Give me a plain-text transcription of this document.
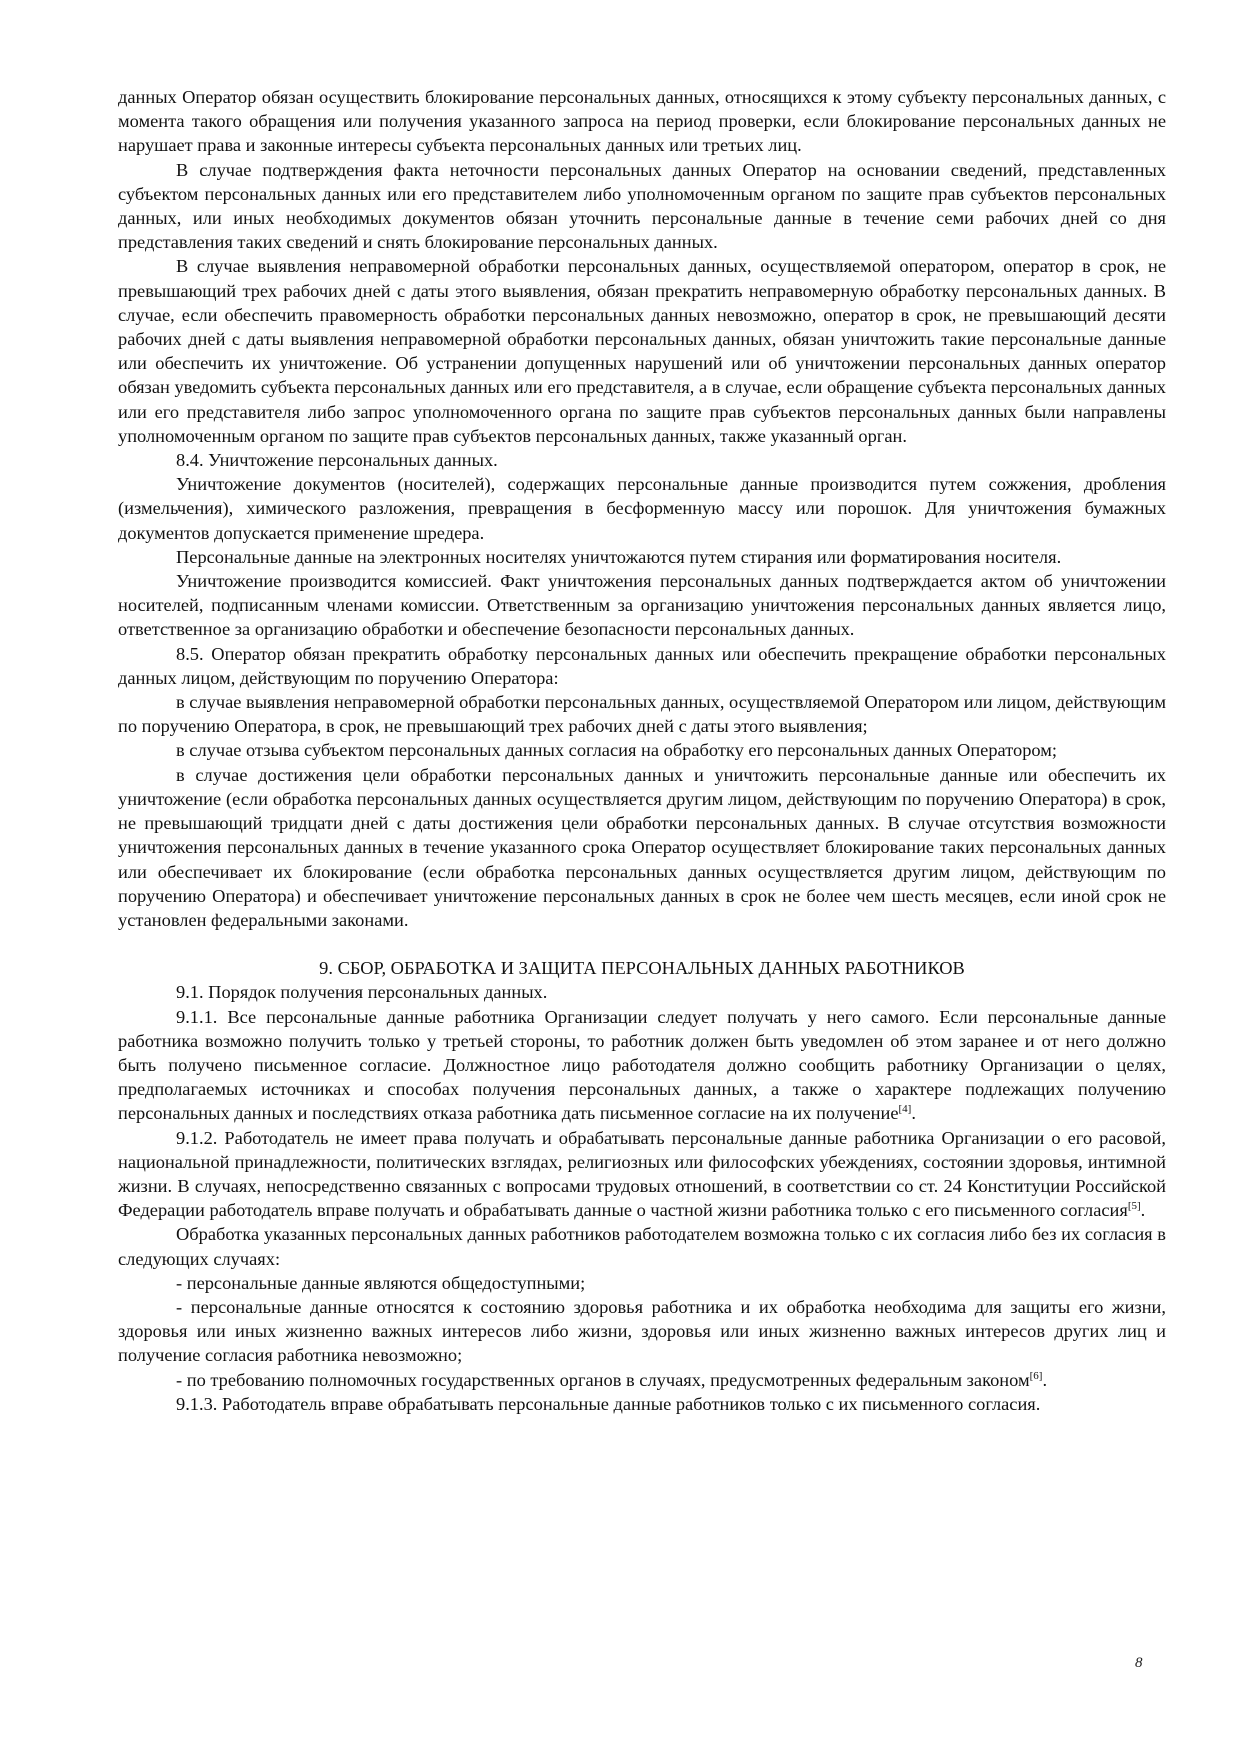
данных Оператор обязан осуществить блокирование персональных данных, относящихся к этому субъекту персональных данных, с момента такого обращения или получения указанного запроса на период проверки, если блокирование персональных данных не нарушает права и законные интересы субъекта персональных данных или третьих лиц.

В случае подтверждения факта неточности персональных данных Оператор на основании сведений, представленных субъектом персональных данных или его представителем либо уполномоченным органом по защите прав субъектов персональных данных, или иных необходимых документов обязан уточнить персональные данные в течение семи рабочих дней со дня представления таких сведений и снять блокирование персональных данных.

В случае выявления неправомерной обработки персональных данных, осуществляемой оператором, оператор в срок, не превышающий трех рабочих дней с даты этого выявления, обязан прекратить неправомерную обработку персональных данных. В случае, если обеспечить правомерность обработки персональных данных невозможно, оператор в срок, не превышающий десяти рабочих дней с даты выявления неправомерной обработки персональных данных, обязан уничтожить такие персональные данные или обеспечить их уничтожение. Об устранении допущенных нарушений или об уничтожении персональных данных оператор обязан уведомить субъекта персональных данных или его представителя, а в случае, если обращение субъекта персональных данных или его представителя либо запрос уполномоченного органа по защите прав субъектов персональных данных были направлены уполномоченным органом по защите прав субъектов персональных данных, также указанный орган.

8.4. Уничтожение персональных данных.

Уничтожение документов (носителей), содержащих персональные данные производится путем сожжения, дробления (измельчения), химического разложения, превращения в бесформенную массу или порошок. Для уничтожения бумажных документов допускается применение шредера.

Персональные данные на электронных носителях уничтожаются путем стирания или форматирования носителя.

Уничтожение производится комиссией. Факт уничтожения персональных данных подтверждается актом об уничтожении носителей, подписанным членами комиссии. Ответственным за организацию уничтожения персональных данных является лицо, ответственное за организацию обработки и обеспечение безопасности персональных данных.

8.5. Оператор обязан прекратить обработку персональных данных или обеспечить прекращение обработки персональных данных лицом, действующим по поручению Оператора:

в случае выявления неправомерной обработки персональных данных, осуществляемой Оператором или лицом, действующим по поручению Оператора, в срок, не превышающий трех рабочих дней с даты этого выявления;

в случае отзыва субъектом персональных данных согласия на обработку его персональных данных Оператором;

в случае достижения цели обработки персональных данных и уничтожить персональные данные или обеспечить их уничтожение (если обработка персональных данных осуществляется другим лицом, действующим по поручению Оператора) в срок, не превышающий тридцати дней с даты достижения цели обработки персональных данных. В случае отсутствия возможности уничтожения персональных данных в течение указанного срока Оператор осуществляет блокирование таких персональных данных или обеспечивает их блокирование (если обработка персональных данных осуществляется другим лицом, действующим по поручению Оператора) и обеспечивает уничтожение персональных данных в срок не более чем шесть месяцев, если иной срок не установлен федеральными законами.

9. СБОР, ОБРАБОТКА И ЗАЩИТА ПЕРСОНАЛЬНЫХ ДАННЫХ РАБОТНИКОВ

9.1. Порядок получения персональных данных.

9.1.1. Все персональные данные работника Организации следует получать у него самого. Если персональные данные работника возможно получить только у третьей стороны, то работник должен быть уведомлен об этом заранее и от него должно быть получено письменное согласие. Должностное лицо работодателя должно сообщить работнику Организации о целях, предполагаемых источниках и способах получения персональных данных, а также о характере подлежащих получению персональных данных и последствиях отказа работника дать письменное согласие на их получение[4].

9.1.2. Работодатель не имеет права получать и обрабатывать персональные данные работника Организации о его расовой, национальной принадлежности, политических взглядах, религиозных или философских убеждениях, состоянии здоровья, интимной жизни. В случаях, непосредственно связанных с вопросами трудовых отношений, в соответствии со ст. 24 Конституции Российской Федерации работодатель вправе получать и обрабатывать данные о частной жизни работника только с его письменного согласия[5].

Обработка указанных персональных данных работников работодателем возможна только с их согласия либо без их согласия в следующих случаях:

- персональные данные являются общедоступными;

- персональные данные относятся к состоянию здоровья работника и их обработка необходима для защиты его жизни, здоровья или иных жизненно важных интересов либо жизни, здоровья или иных жизненно важных интересов других лиц и получение согласия работника невозможно;

- по требованию полномочных государственных органов в случаях, предусмотренных федеральным законом[6].

9.1.3. Работодатель вправе обрабатывать персональные данные работников только с их письменного согласия.

8
